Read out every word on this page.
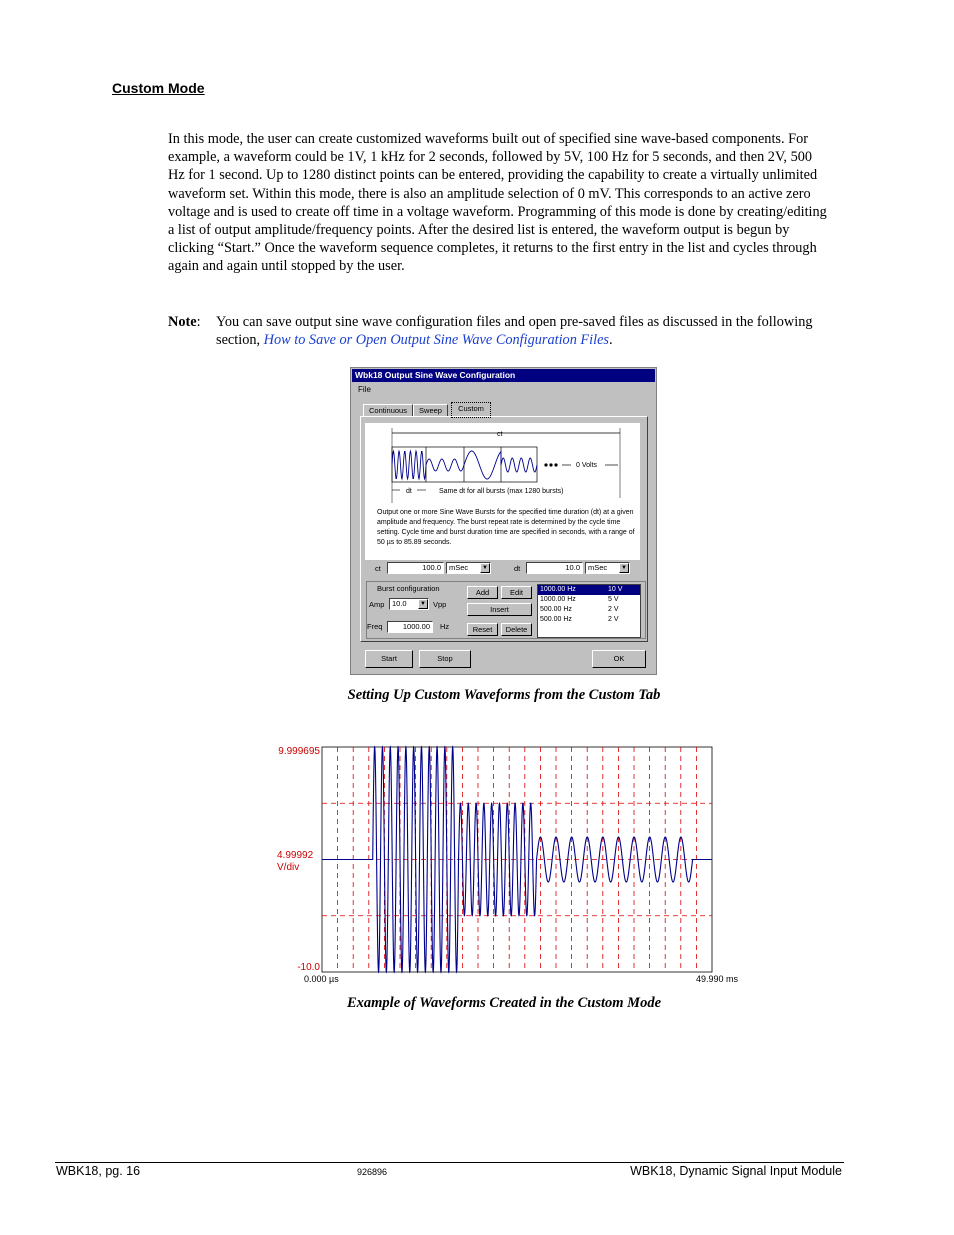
Custom Mode
In this mode, the user can create customized waveforms built out of specified sine wave-based components. For example, a waveform could be 1V, 1 kHz for 2 seconds, followed by 5V, 100 Hz for 5 seconds, and then 2V, 500 Hz for 1 second. Up to 1280 distinct points can be entered, providing the capability to create a virtually unlimited waveform set. Within this mode, there is also an amplitude selection of 0 mV. This corresponds to an active zero voltage and is used to create off time in a voltage waveform. Programming of this mode is done by creating/editing a list of output amplitude/frequency points. After the desired list is entered, the waveform output is begun by clicking “Start.” Once the waveform sequence completes, it returns to the first entry in the list and cycles through again and again until stopped by the user.
Note: You can save output sine wave configuration files and open pre-saved files as discussed in the following section, How to Save or Open Output Sine Wave Configuration Files.
Wbk18 Output Sine Wave Configuration
File
Continuous	Sweep	Custom
ct
0 Volts
dt	Same dt for all bursts (max 1280 bursts)
Output one or more Sine Wave Bursts for the specified time duration (dt) at a given amplitude and frequency. The burst repeat rate is determined by the cycle time setting. Cycle time and burst duration time are specified in seconds, with a range of 50 µs to 85.89 seconds.
ct	100.0	mSec	▼	dt	10.0	mSec	▼
Burst configuration
Amp	10.0	▼ Vpp
Freq	1000.00	Hz
Add	Edit
Insert
Reset	Delete
1000.00 Hz	10 V
1000.00 Hz	5 V
500.00 Hz	2 V
500.00 Hz	2 V
Start	Stop	OK
Setting Up Custom Waveforms from the Custom Tab
9.999695
4.99992
V/div
-10.0
0.000 µs	49.990 ms
Example of Waveforms Created in the Custom Mode
WBK18, pg. 16	926896	WBK18, Dynamic Signal Input Module
